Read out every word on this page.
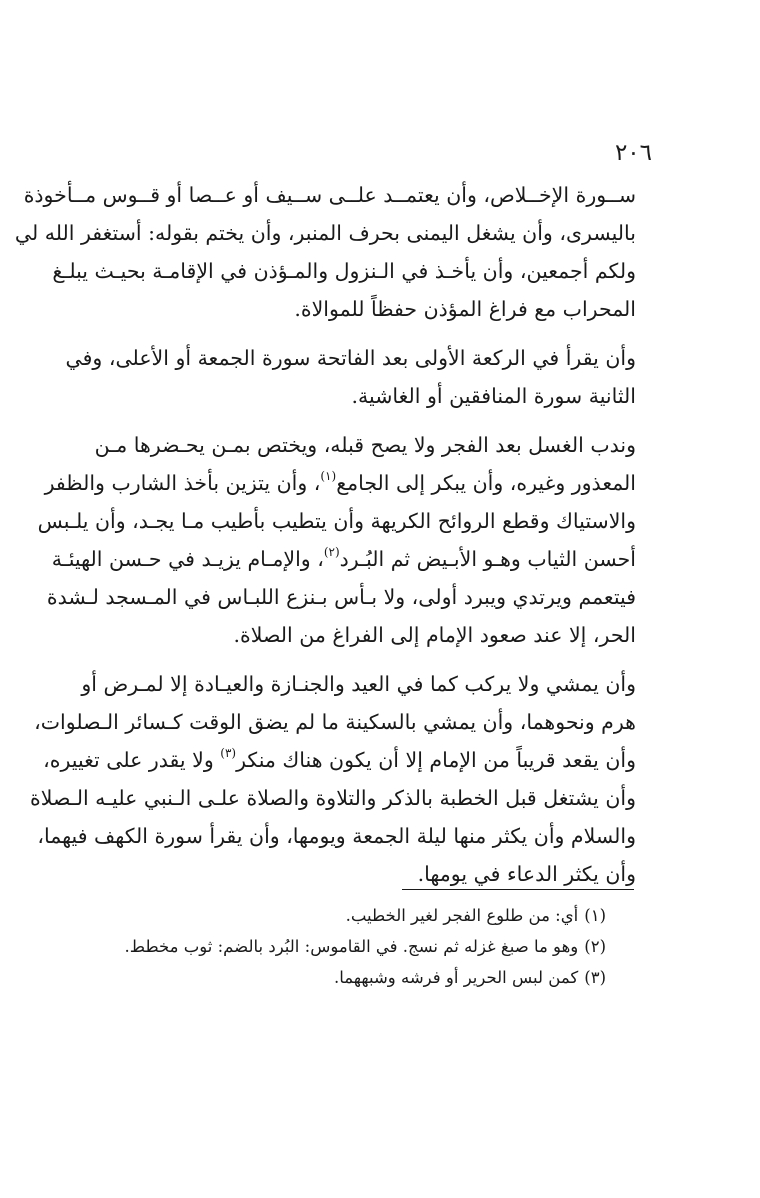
٢٠٦
ســورة الإخــلاص، وأن يعتمــد علــى ســيف أو عــصا أو قــوس مــأخوذة
باليسرى، وأن يشغل اليمنى بحرف المنبر، وأن يختم بقوله: أستغفر الله لي
ولكم أجمعين، وأن يأخـذ في الـنزول والمـؤذن في الإقامـة بحيـث يبلـغ
المحراب مع فراغ المؤذن حفظاً للموالاة.
وأن يقرأ في الركعة الأولى بعد الفاتحة سورة الجمعة أو الأعلى، وفي
الثانية سورة المنافقين أو الغاشية.
وندب الغسل بعد الفجر ولا يصح قبله، ويختص بمـن يحـضرها مـن
المعذور وغيره، وأن يبكر إلى الجامع$^{(١)}$، وأن يتزين بأخذ الشارب والظفر
والاستياك وقطع الروائح الكريهة وأن يتطيب بأطيب مـا يجـد، وأن يلـبس
أحسن الثياب وهـو الأبـيض ثم البُـرد$^{(٢)}$، والإمـام يزيـد في حـسن الهيئـة
فيتعمم ويرتدي ويبرد أولى، ولا بـأس بـنزع اللبـاس في المـسجد لـشدة
الحر، إلا عند صعود الإمام إلى الفراغ من الصلاة.
وأن يمشي ولا يركب كما في العيد والجنـازة والعيـادة إلا لمـرض أو
هرم ونحوهما، وأن يمشي بالسكينة ما لم يضق الوقت كـسائر الـصلوات،
وأن يقعد قريباً من الإمام إلا أن يكون هناك منكر$^{(٣)}$ ولا يقدر على تغييره،
وأن يشتغل قبل الخطبة بالذكر والتلاوة والصلاة علـى الـنبي عليـه الـصلاة
والسلام وأن يكثر منها ليلة الجمعة ويومها، وأن يقرأ سورة الكهف فيهما،
وأن يكثر الدعاء في يومها.
(١)أي: من طلوع الفجر لغير الخطيب.
(٢)وهو ما صبغ غزله ثم نسج. في القاموس: البُرد بالضم: ثوب مخطط.
(٣)كمن لبس الحرير أو فرشه وشبههما.
